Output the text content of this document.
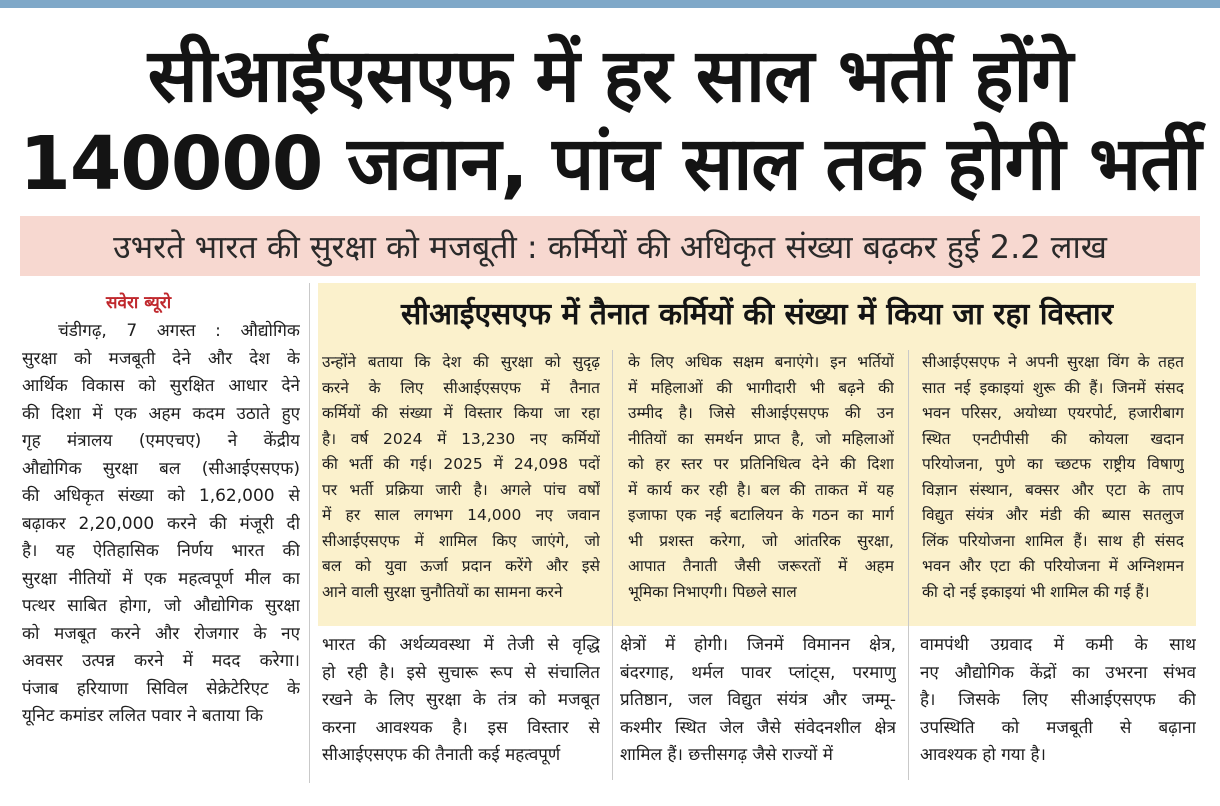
सीआईएसएफ में हर साल भर्ती होंगे
140000 जवान, पांच साल तक होगी भर्ती
उभरते भारत की सुरक्षा को मजबूती : कर्मियों की अधिकृत संख्या बढ़कर हुई 2.2 लाख
सवेरा ब्यूरो
चंडीगढ़, 7 अगस्त : औद्योगिक
सुरक्षा को मजबूती देने और देश के
आर्थिक विकास को सुरक्षित आधार देने
की दिशा में एक अहम कदम उठाते हुए
गृह मंत्रालय (एमएचए) ने केंद्रीय
औद्योगिक सुरक्षा बल (सीआईएसएफ)
की अधिकृत संख्या को 1,62,000 से
बढ़ाकर 2,20,000 करने की मंजूरी दी
है। यह ऐतिहासिक निर्णय भारत की
सुरक्षा नीतियों में एक महत्वपूर्ण मील का
पत्थर साबित होगा, जो औद्योगिक सुरक्षा
को मजबूत करने और रोजगार के नए
अवसर उत्पन्न करने में मदद करेगा।
पंजाब हरियाणा सिविल सेक्रेटेरिएट के
यूनिट कमांडर ललित पवार ने बताया कि
सीआईएसएफ में तैनात कर्मियों की संख्या में किया जा रहा विस्तार
उन्होंने बताया कि देश की सुरक्षा को सुदृढ़
करने के लिए सीआईएसएफ में तैनात
कर्मियों की संख्या में विस्तार किया जा रहा
है। वर्ष 2024 में 13,230 नए कर्मियों
की भर्ती की गई। 2025 में 24,098 पदों
पर भर्ती प्रक्रिया जारी है। अगले पांच वर्षों
में हर साल लगभग 14,000 नए जवान
सीआईएसएफ में शामिल किए जाएंगे, जो
बल को युवा ऊर्जा प्रदान करेंगे और इसे
आने वाली सुरक्षा चुनौतियों का सामना करने
के लिए अधिक सक्षम बनाएंगे। इन भर्तियों
में महिलाओं की भागीदारी भी बढ़ने की
उम्मीद है। जिसे सीआईएसएफ की उन
नीतियों का समर्थन प्राप्त है, जो महिलाओं
को हर स्तर पर प्रतिनिधित्व देने की दिशा
में कार्य कर रही है। बल की ताकत में यह
इजाफा एक नई बटालियन के गठन का मार्ग
भी प्रशस्त करेगा, जो आंतरिक सुरक्षा,
आपात तैनाती जैसी जरूरतों में अहम
भूमिका निभाएगी। पिछले साल
सीआईएसएफ ने अपनी सुरक्षा विंग के तहत
सात नई इकाइयां शुरू की हैं। जिनमें संसद
भवन परिसर, अयोध्या एयरपोर्ट, हजारीबाग
स्थित एनटीपीसी की कोयला खदान
परियोजना, पुणे का च्छटफ राष्ट्रीय विषाणु
विज्ञान संस्थान, बक्सर और एटा के ताप
विद्युत संयंत्र और मंडी की ब्यास सतलुज
लिंक परियोजना शामिल हैं। साथ ही संसद
भवन और एटा की परियोजना में अग्निशमन
की दो नई इकाइयां भी शामिल की गई हैं।
भारत की अर्थव्यवस्था में तेजी से वृद्धि
हो रही है। इसे सुचारू रूप से संचालित
रखने के लिए सुरक्षा के तंत्र को मजबूत
करना आवश्यक है। इस विस्तार से
सीआईएसएफ की तैनाती कई महत्वपूर्ण
क्षेत्रों में होगी। जिनमें विमानन क्षेत्र,
बंदरगाह, थर्मल पावर प्लांट्स, परमाणु
प्रतिष्ठान, जल विद्युत संयंत्र और जम्मू-
कश्मीर स्थित जेल जैसे संवेदनशील क्षेत्र
शामिल हैं। छत्तीसगढ़ जैसे राज्यों में
वामपंथी उग्रवाद में कमी के साथ
नए औद्योगिक केंद्रों का उभरना संभव
है। जिसके लिए सीआईएसएफ की
उपस्थिति को मजबूती से बढ़ाना
आवश्यक हो गया है।
